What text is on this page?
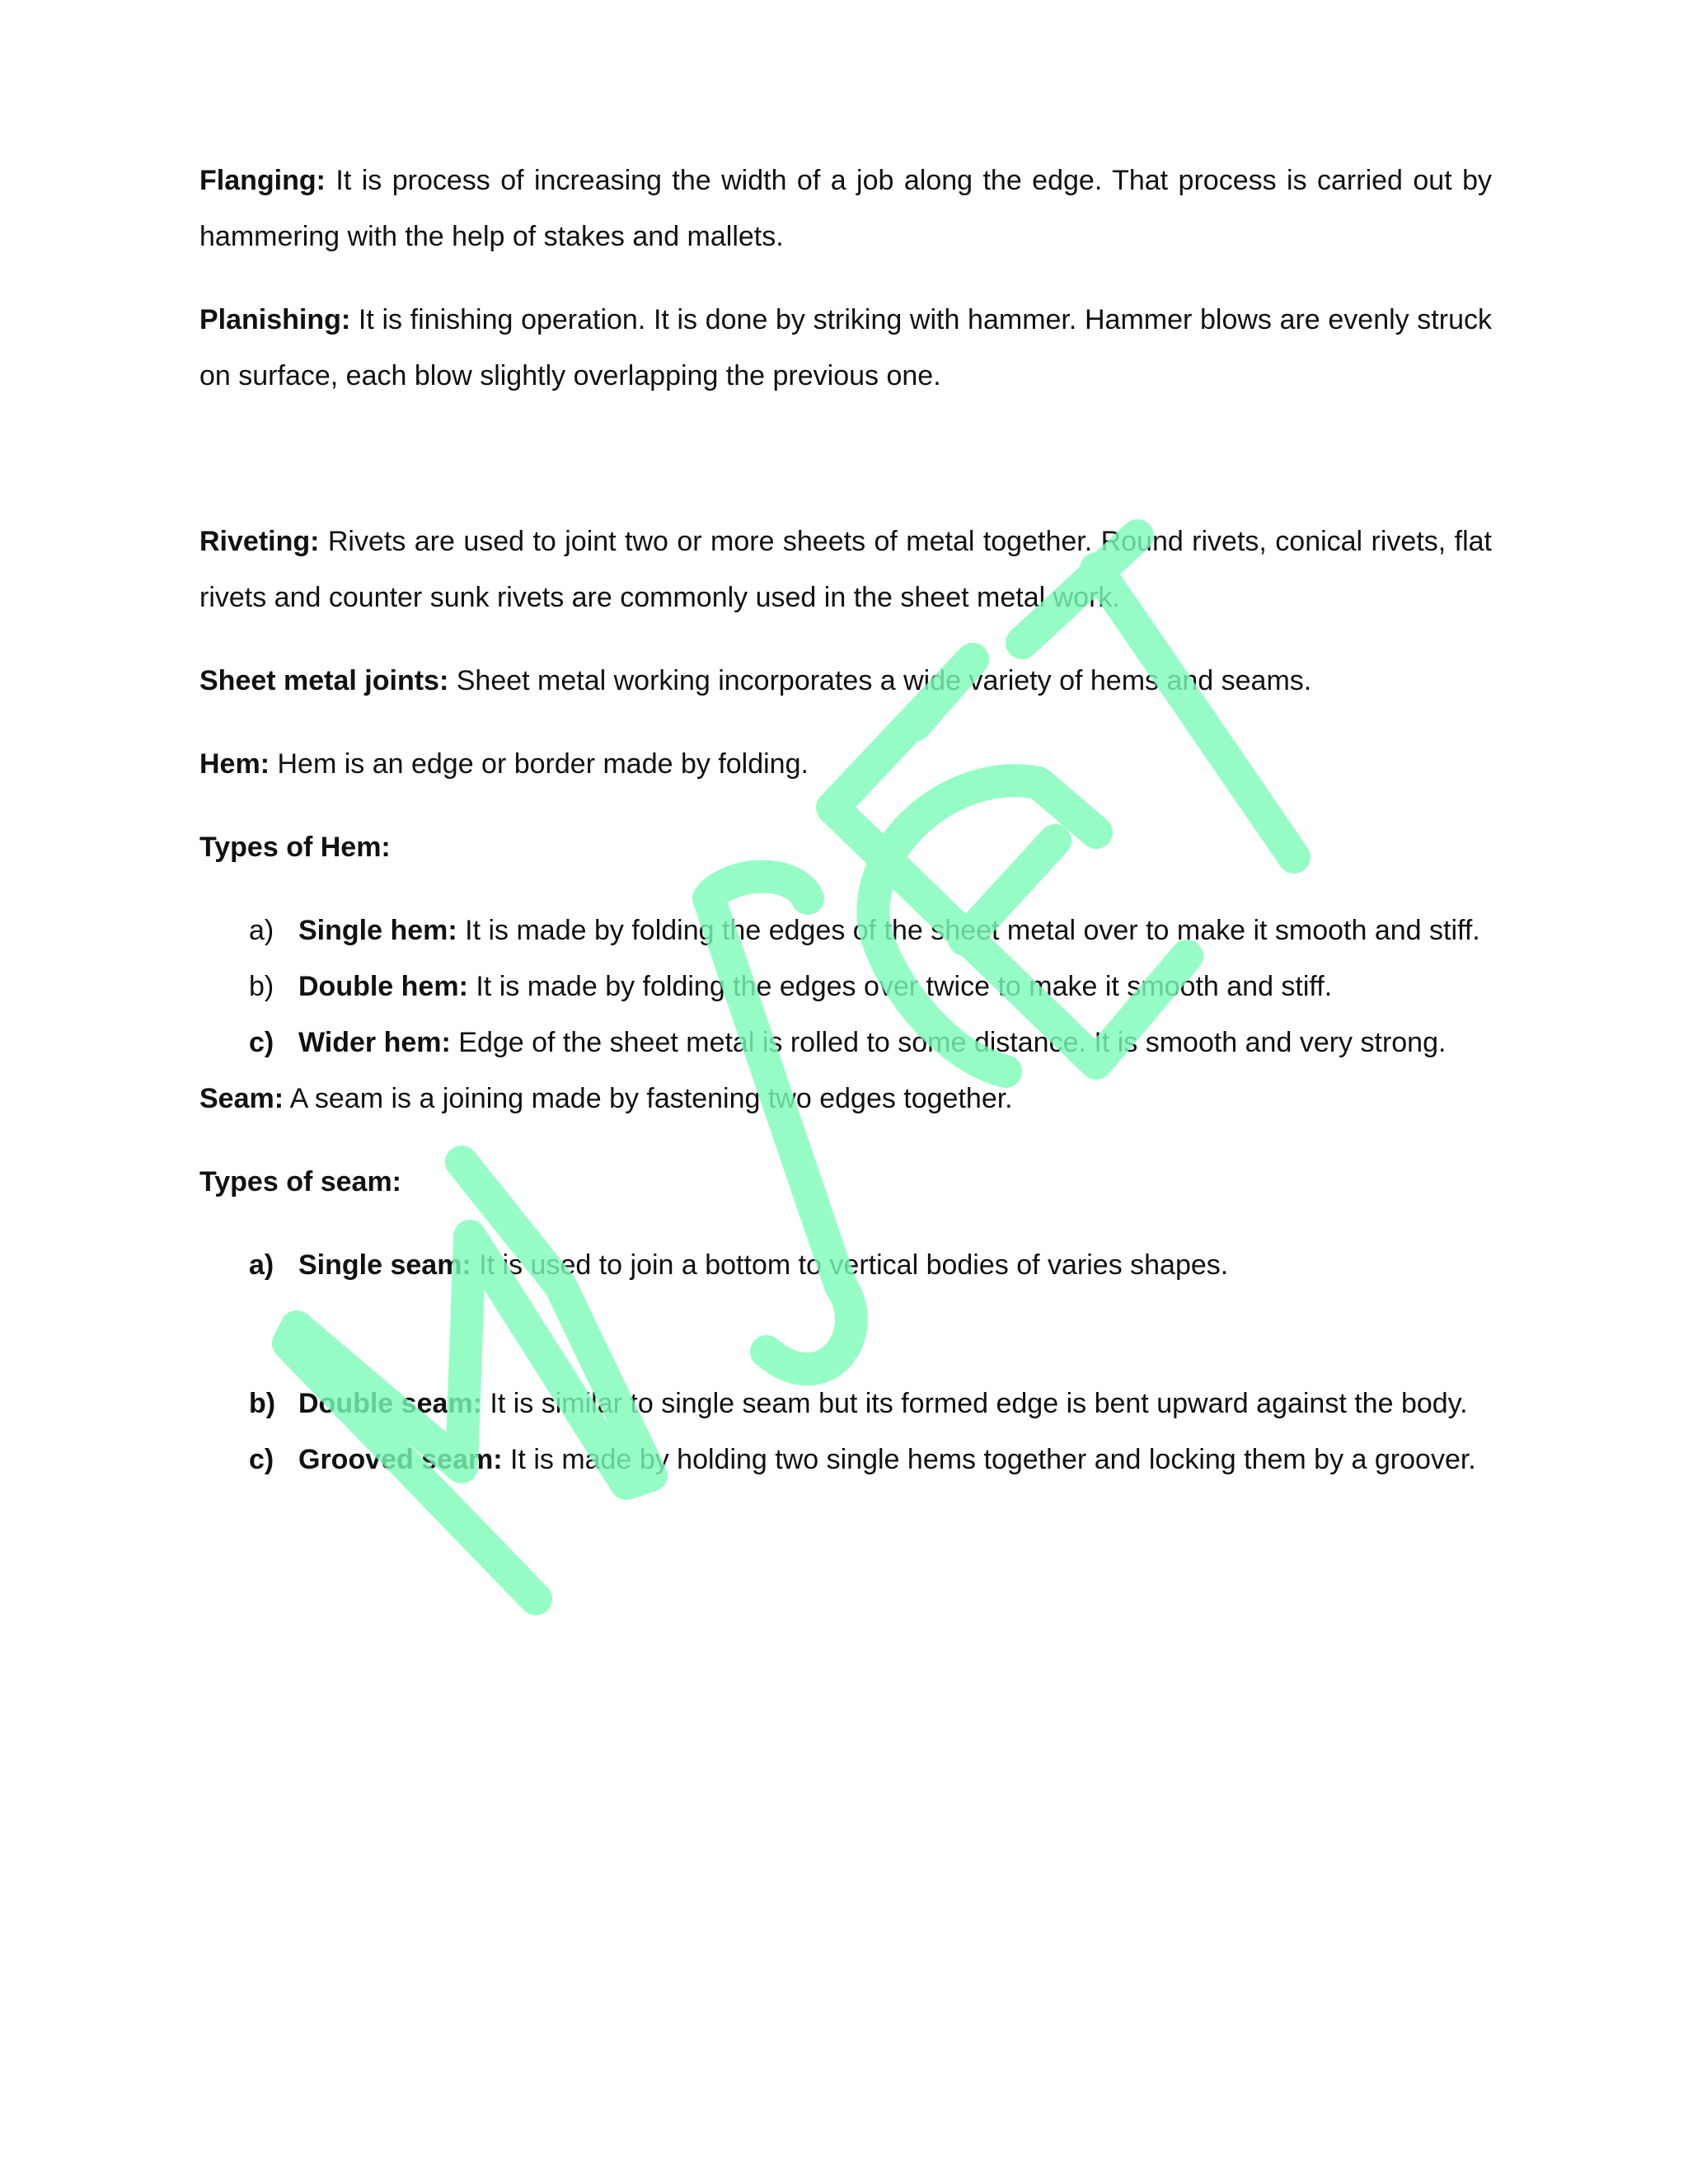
Flanging: It is process of increasing the width of a job along the edge. That process is carried out by hammering with the help of stakes and mallets.

Planishing: It is finishing operation. It is done by striking with hammer. Hammer blows are evenly struck on surface, each blow slightly overlapping the previous one.

Riveting: Rivets are used to joint two or more sheets of metal together. Round rivets, conical rivets, flat rivets and counter sunk rivets are commonly used in the sheet metal work.

Sheet metal joints: Sheet metal working incorporates a wide variety of hems and seams.

Hem: Hem is an edge or border made by folding.

Types of Hem:

a) Single hem: It is made by folding the edges of the sheet metal over to make it smooth and stiff.
b) Double hem: It is made by folding the edges over twice to make it smooth and stiff.
c) Wider hem: Edge of the sheet metal is rolled to some distance. It is smooth and very strong.

Seam: A seam is a joining made by fastening two edges together.

Types of seam:

a) Single seam: It is used to join a bottom to vertical bodies of varies shapes.
b) Double seam: It is similar to single seam but its formed edge is bent upward against the body.
c) Grooved seam: It is made by holding two single hems together and locking them by a groover.
